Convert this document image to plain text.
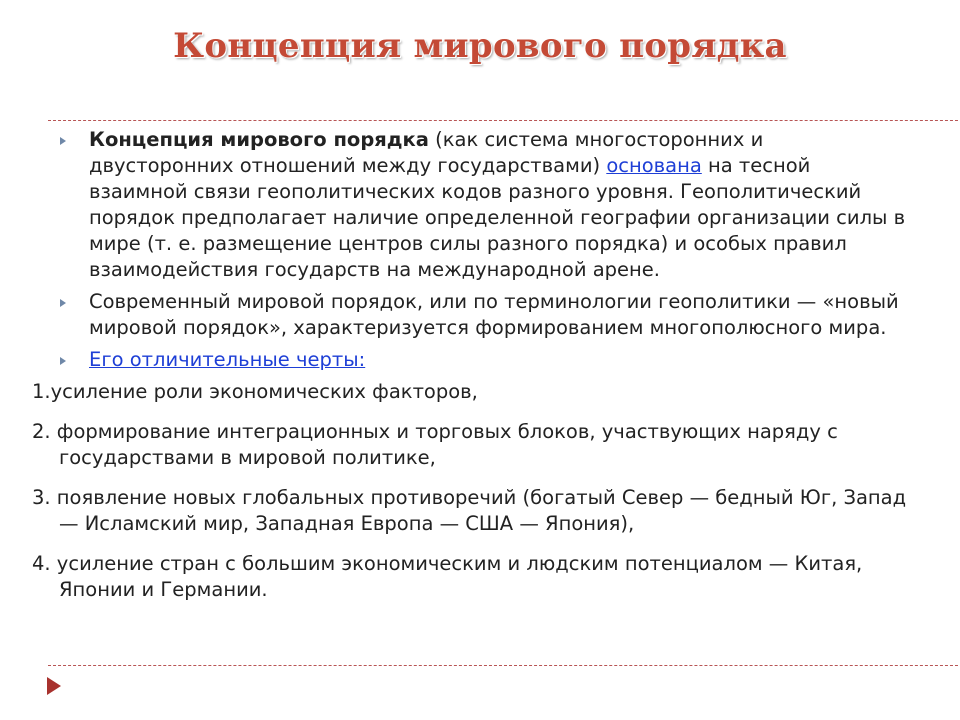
Концепция мирового порядка
Концепция мирового порядка (как система многосторонних и двусторонних отношений между государствами) основана на тесной взаимной связи геополитических кодов разного уровня. Геополитический порядок предполагает наличие определенной географии организации силы в мире (т. е. размещение центров силы разного порядка) и особых правил взаимодействия государств на международной арене.
Современный мировой порядок, или по терминологии геополитики — «новый мировой порядок», характеризуется формированием многополюсного мира.
Его отличительные черты:
1.усиление роли экономических факторов,
2. формирование интеграционных и торговых блоков, участвующих наряду с государствами в мировой политике,
3. появление новых глобальных противоречий (богатый Север — бедный Юг, Запад — Исламский мир, Западная Европа — США — Япония),
4. усиление стран с большим экономическим и людским потенциалом — Китая, Японии и Германии.
